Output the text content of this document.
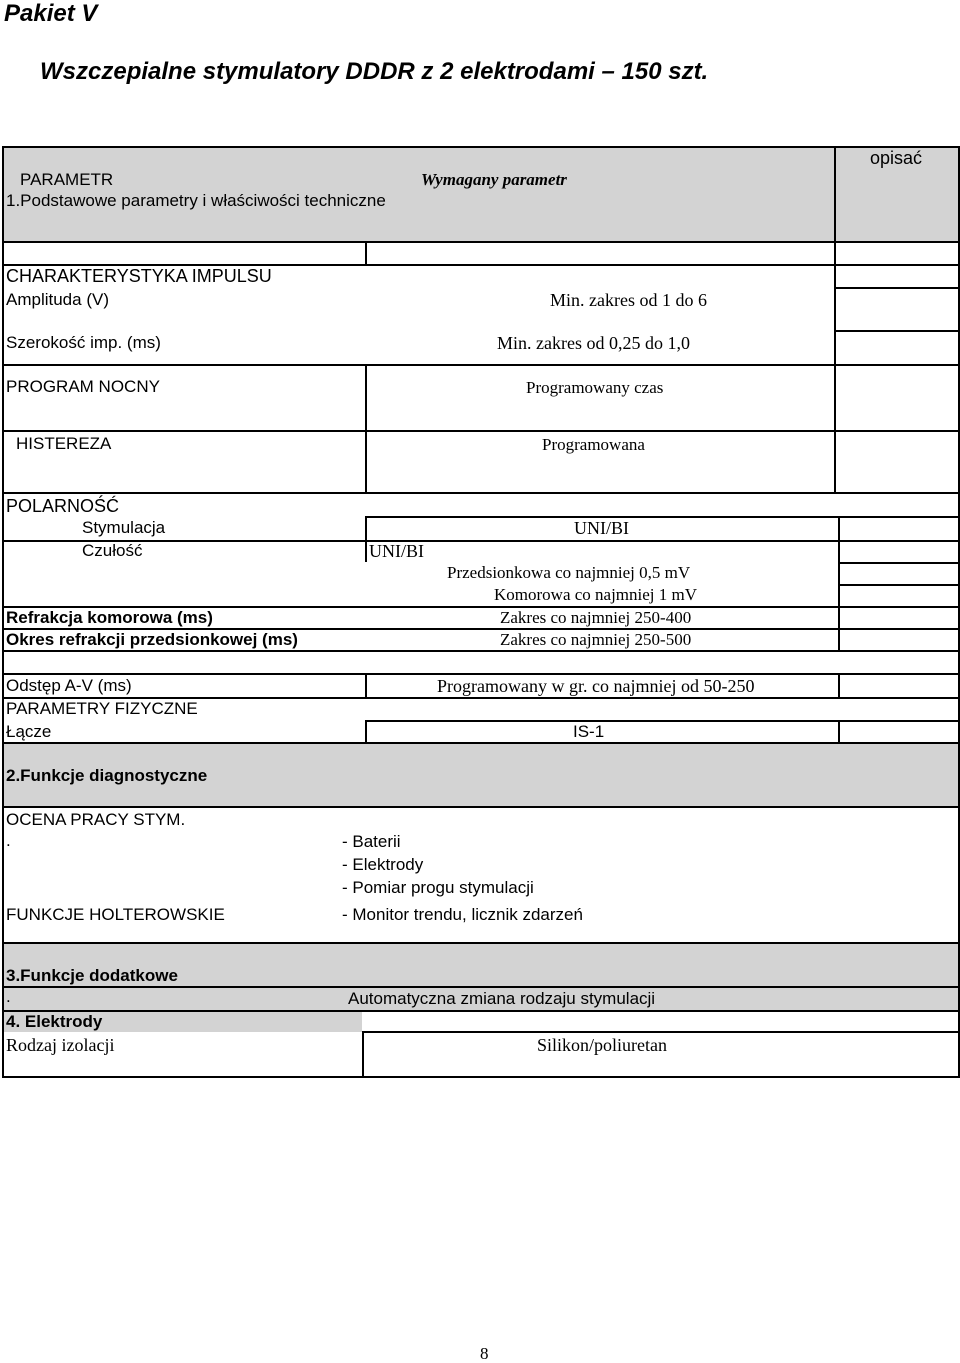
Pakiet V
Wszczepialne stymulatory DDDR z 2 elektrodami – 150 szt.
PARAMETR	Wymagany parametr
opisać
1.Podstawowe parametry i właściwości techniczne
CHARAKTERYSTYKA IMPULSU
Amplituda (V)	Min. zakres od 1 do 6
Szerokość imp. (ms)	Min. zakres od 0,25 do 1,0
PROGRAM NOCNY	Programowany czas
HISTEREZA	Programowana
POLARNOŚĆ
Stymulacja	UNI/BI
Czułość	UNI/BI
Przedsionkowa co najmniej 0,5 mV
Komorowa co najmniej 1 mV
Refrakcja komorowa (ms)	Zakres co najmniej 250-400
Okres refrakcji przedsionkowej (ms)	Zakres co najmniej 250-500
Odstęp A-V (ms)	Programowany w gr. co najmniej od 50-250
PARAMETRY FIZYCZNE
Łącze	IS-1
2.Funkcje diagnostyczne
OCENA PRACY STYM.
.	- Baterii
- Elektrody
- Pomiar progu stymulacji
FUNKCJE HOLTEROWSKIE	- Monitor trendu, licznik zdarzeń
3.Funkcje dodatkowe
.	Automatyczna zmiana rodzaju stymulacji
4. Elektrody
Rodzaj izolacji	Silikon/poliuretan
8
